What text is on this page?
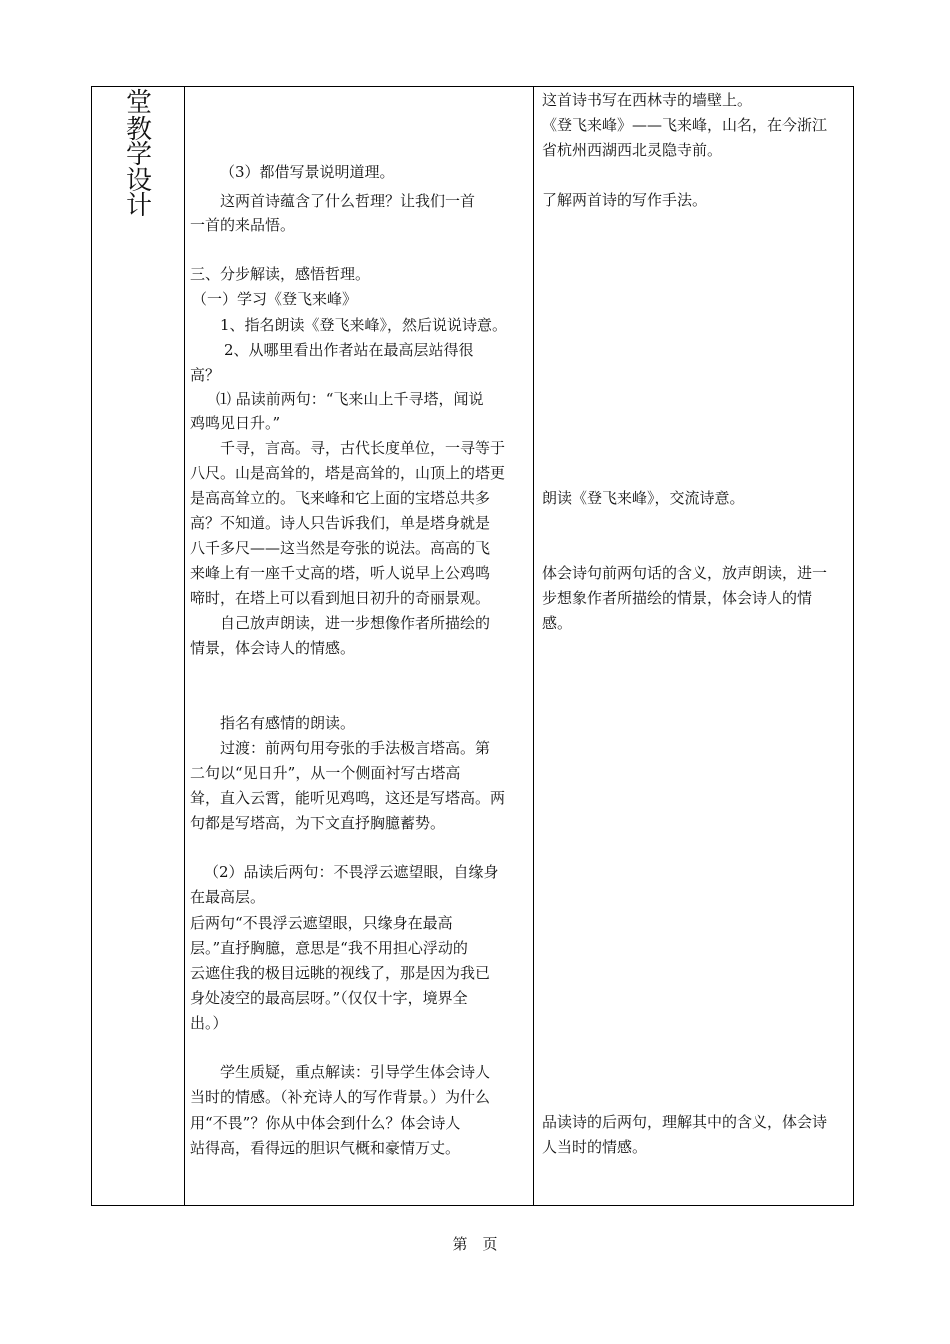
堂
教
学
设
计
（3）都借写景说明道理。
这两首诗蕴含了什么哲理？让我们一首
一首的来品悟。
三、分步解读，感悟哲理。
（一）学习《登飞来峰》
1、指名朗读《登飞来峰》，然后说说诗意。
2、从哪里看出作者站在最高层站得很
高？
⑴ 品读前两句：“飞来山上千寻塔，闻说
鸡鸣见日升。”
千寻，言高。寻，古代长度单位，一寻等于
八尺。山是高耸的，塔是高耸的，山顶上的塔更
是高高耸立的。飞来峰和它上面的宝塔总共多
高？不知道。诗人只告诉我们，单是塔身就是
八千多尺——这当然是夸张的说法。高高的飞
来峰上有一座千丈高的塔，听人说早上公鸡鸣
啼时，在塔上可以看到旭日初升的奇丽景观。
自己放声朗读，进一步想像作者所描绘的
情景，体会诗人的情感。
指名有感情的朗读。
过渡：前两句用夸张的手法极言塔高。第
二句以“见日升”，从一个侧面衬写古塔高
耸，直入云霄，能听见鸡鸣，这还是写塔高。两
句都是写塔高，为下文直抒胸臆蓄势。
（2）品读后两句：不畏浮云遮望眼，自缘身
在最高层。
后两句“不畏浮云遮望眼，只缘身在最高
层。”直抒胸臆，意思是“我不用担心浮动的
云遮住我的极目远眺的视线了，那是因为我已
身处凌空的最高层呀。”（仅仅十字，境界全
出。）
学生质疑，重点解读：引导学生体会诗人
当时的情感。（补充诗人的写作背景。）为什么
用“不畏”？你从中体会到什么？体会诗人
站得高，看得远的胆识气概和豪情万丈。
这首诗书写在西林寺的墙壁上。
《登飞来峰》——飞来峰，山名，在今浙江
省杭州西湖西北灵隐寺前。
了解两首诗的写作手法。
朗读《登飞来峰》，交流诗意。
体会诗句前两句话的含义，放声朗读，进一
步想象作者所描绘的情景，体会诗人的情
感。
品读诗的后两句，理解其中的含义，体会诗
人当时的情感。
第　页
